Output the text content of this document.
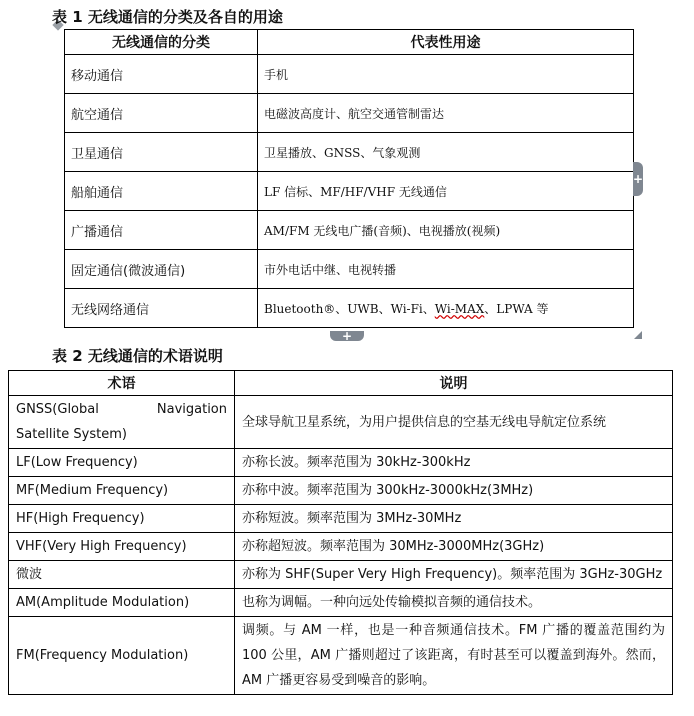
表 1 无线通信的分类及各自的用途
无线通信的分类	代表性用途
移动通信	手机
航空通信	电磁波高度计、航空交通管制雷达
卫星通信	卫星播放、GNSS、气象观测
船舶通信	LF 信标、MF/HF/VHF 无线通信
广播通信	AM/FM 无线电广播(音频)、电视播放(视频)
固定通信(微波通信)	市外电话中继、电视转播
无线网络通信	Bluetooth®、UWB、Wi-Fi、Wi-MAX、LPWA 等
+
+
表 2 无线通信的术语说明
术语	说明
GNSS(Global Navigation Satellite System)	全球导航卫星系统，为用户提供信息的空基无线电导航定位系统
LF(Low Frequency)	亦称长波。频率范围为 30kHz-300kHz
MF(Medium Frequency)	亦称中波。频率范围为 300kHz-3000kHz(3MHz)
HF(High Frequency)	亦称短波。频率范围为 3MHz-30MHz
VHF(Very High Frequency)	亦称超短波。频率范围为 30MHz-3000MHz(3GHz)
微波	亦称为 SHF(Super Very High Frequency)。频率范围为 3GHz-30GHz
AM(Amplitude Modulation)	也称为调幅。一种向远处传输模拟音频的通信技术。
FM(Frequency Modulation)	调频。与 AM 一样，也是一种音频通信技术。FM 广播的覆盖范围约为 100 公里，AM 广播则超过了该距离，有时甚至可以覆盖到海外。然而，AM 广播更容易受到噪音的影响。
